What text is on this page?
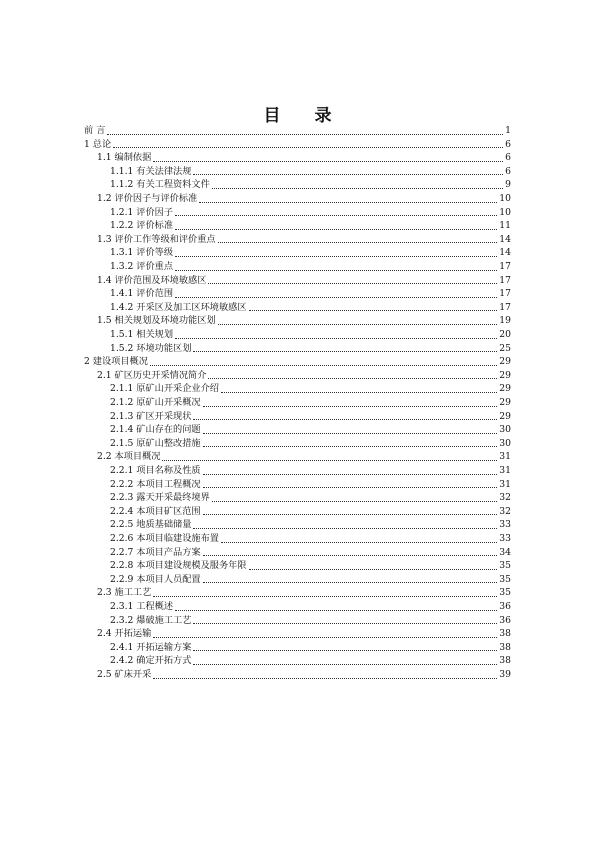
目 录
前 言	1
1 总论	6
1.1 编制依据	6
1.1.1 有关法律法规	6
1.1.2 有关工程资料文件	9
1.2 评价因子与评价标准	10
1.2.1 评价因子	10
1.2.2 评价标准	11
1.3 评价工作等级和评价重点	14
1.3.1 评价等级	14
1.3.2 评价重点	17
1.4 评价范围及环境敏感区	17
1.4.1 评价范围	17
1.4.2 开采区及加工区环境敏感区	17
1.5 相关规划及环境功能区划	19
1.5.1 相关规划	20
1.5.2 环境功能区划	25
2 建设项目概况	29
2.1 矿区历史开采情况简介	29
2.1.1 原矿山开采企业介绍	29
2.1.2 原矿山开采概况	29
2.1.3 矿区开采现状	29
2.1.4 矿山存在的问题	30
2.1.5 原矿山整改措施	30
2.2 本项目概况	31
2.2.1 项目名称及性质	31
2.2.2 本项目工程概况	31
2.2.3 露天开采最终境界	32
2.2.4 本项目矿区范围	32
2.2.5 地质基础储量	33
2.2.6 本项目临建设施布置	33
2.2.7 本项目产品方案	34
2.2.8 本项目建设规模及服务年限	35
2.2.9 本项目人员配置	35
2.3 施工工艺	35
2.3.1 工程概述	36
2.3.2 爆破施工工艺	36
2.4 开拓运输	38
2.4.1 开拓运输方案	38
2.4.2 确定开拓方式	38
2.5 矿床开采	39
